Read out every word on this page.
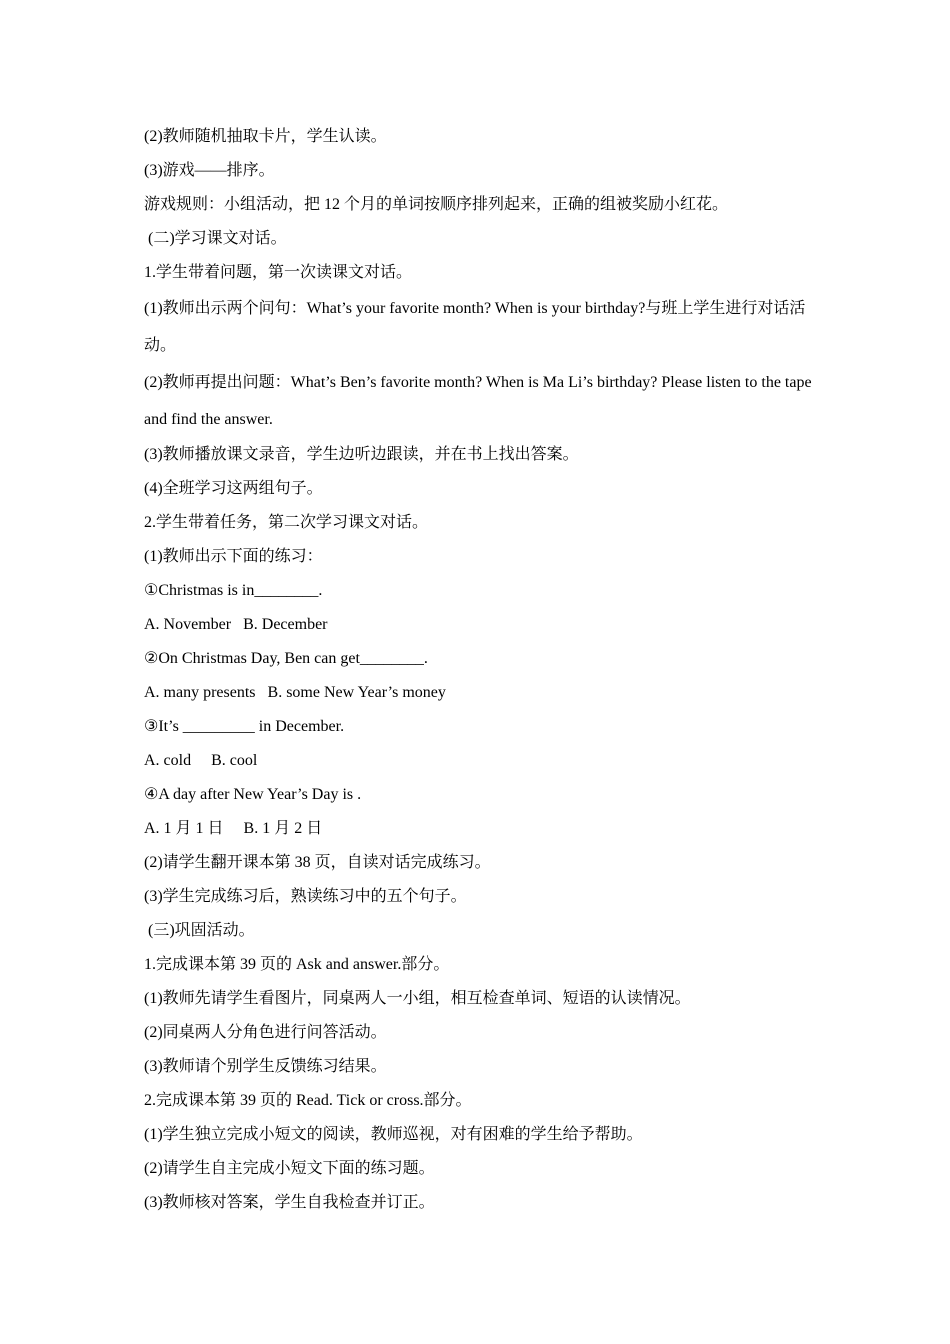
(2)教师随机抽取卡片，学生认读。
(3)游戏——排序。
游戏规则：小组活动，把 12 个月的单词按顺序排列起来，正确的组被奖励小红花。
(二)学习课文对话。
1.学生带着问题，第一次读课文对话。
(1)教师出示两个问句：What’s your favorite month? When is your birthday?与班上学生进行对话活动。
(2)教师再提出问题：What’s Ben’s favorite month? When is Ma Li’s birthday? Please listen to the tape and find the answer.
(3)教师播放课文录音，学生边听边跟读，并在书上找出答案。
(4)全班学习这两组句子。
2.学生带着任务，第二次学习课文对话。
(1)教师出示下面的练习：
①Christmas is in________.
A. November   B. December
②On Christmas Day, Ben can get________.
A. many presents   B. some New Year’s money
③It’s _________ in December.
A. cold     B. cool
④A day after New Year’s Day is .
A. 1 月 1 日     B. 1 月 2 日
(2)请学生翻开课本第 38 页，自读对话完成练习。
(3)学生完成练习后，熟读练习中的五个句子。
(三)巩固活动。
1.完成课本第 39 页的 Ask and answer.部分。
(1)教师先请学生看图片，同桌两人一小组，相互检查单词、短语的认读情况。
(2)同桌两人分角色进行问答活动。
(3)教师请个别学生反馈练习结果。
2.完成课本第 39 页的 Read. Tick or cross.部分。
(1)学生独立完成小短文的阅读，教师巡视，对有困难的学生给予帮助。
(2)请学生自主完成小短文下面的练习题。
(3)教师核对答案，学生自我检查并订正。
